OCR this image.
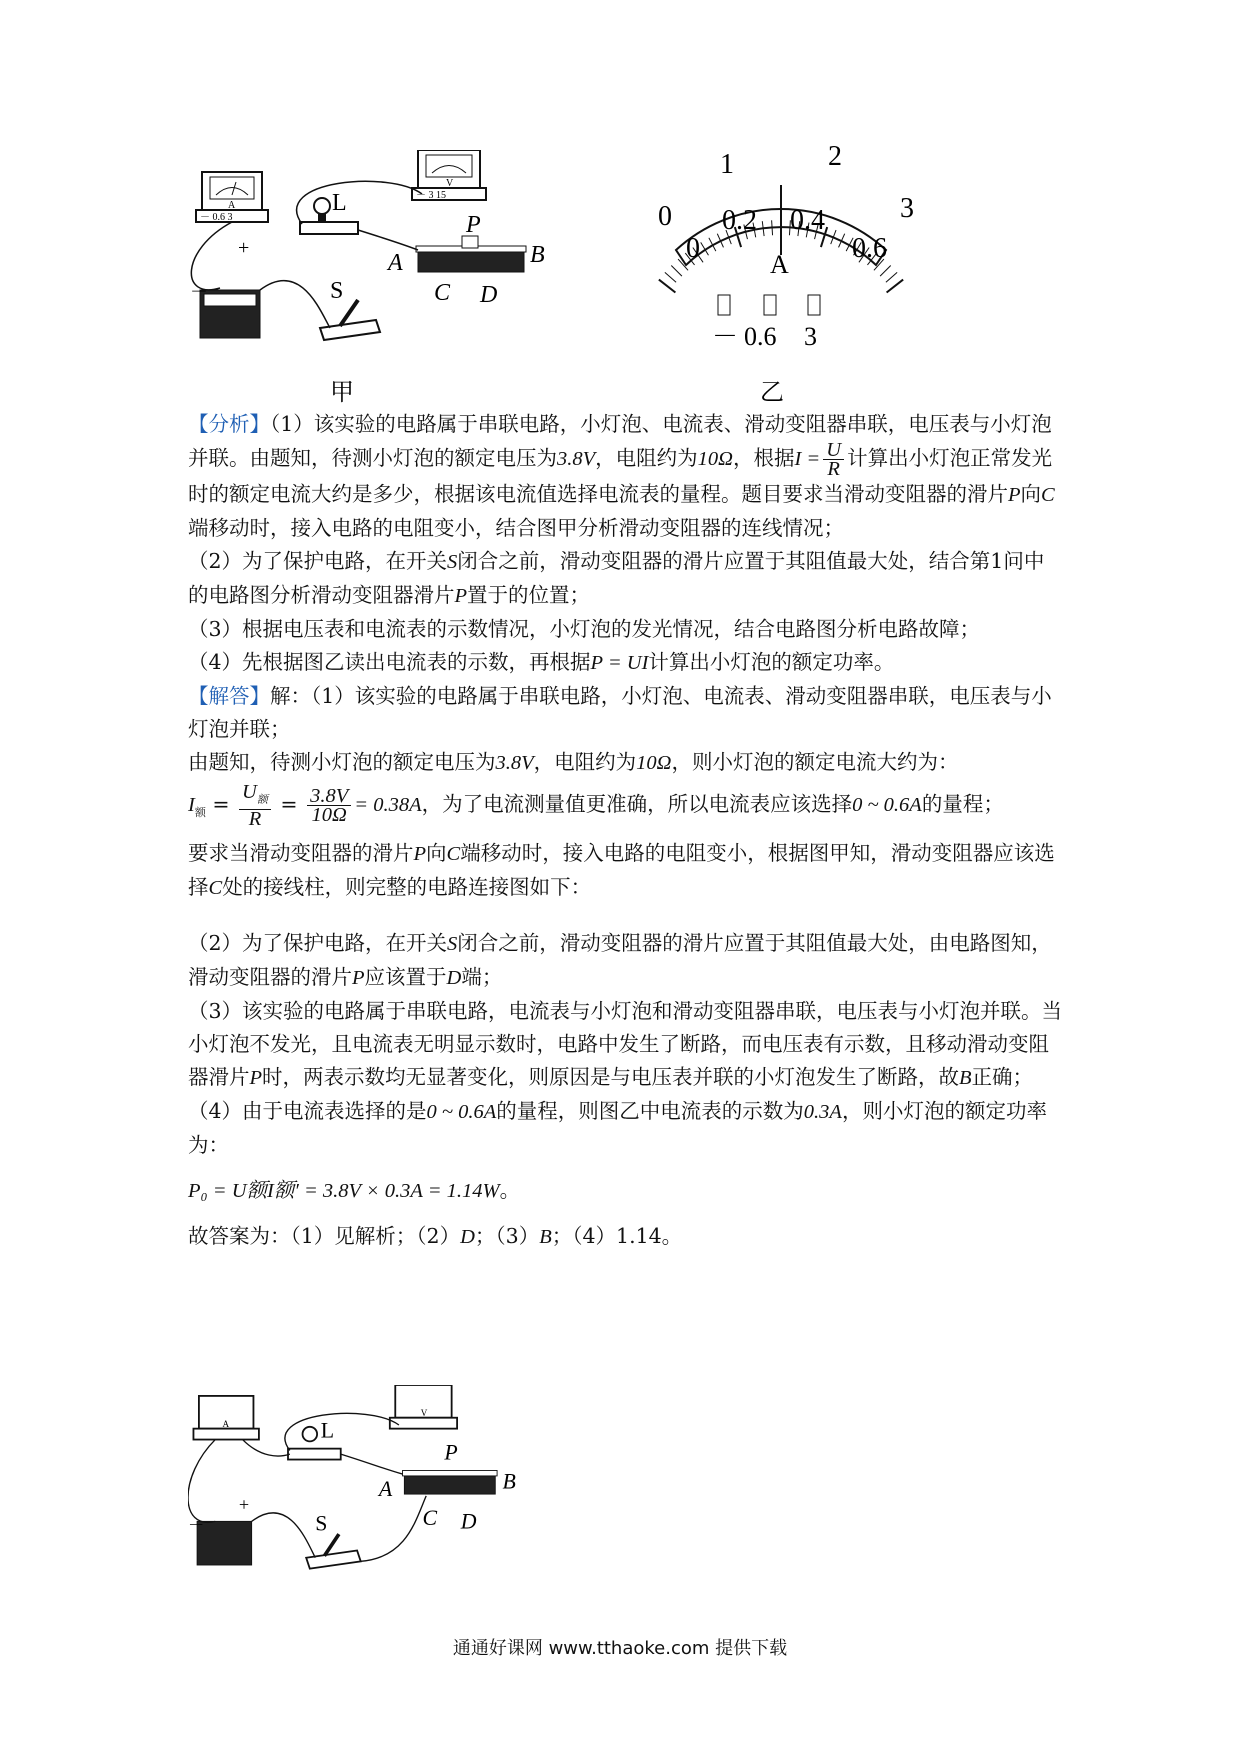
A
－ 0.6 3
V
－ 3 15
L
+
－	S
P
A	B
C D
甲
0
1	2
3
0
0.2 0.4
0.6
A
－ 0.6 3
乙

【分析】（1）该实验的电路属于串联电路，小灯泡、电流表、滑动变阻器串联，电压表与小灯泡并联。由题知，待测小灯泡的额定电压为3.8V，电阻约为10Ω，根据$I = \frac{U}{R}$ 计算出小灯泡正常发光时的额定电流大约是多少，根据该电流值选择电流表的量程。题目要求当滑动变阻器的滑片P向C端移动时，接入电路的电阻变小，结合图甲分析滑动变阻器的连线情况；

（2）为了保护电路，在开关S闭合之前，滑动变阻器的滑片应置于其阻值最大处，结合第1问中的电路图分析滑动变阻器滑片P置于的位置；

（3）根据电压表和电流表的示数情况，小灯泡的发光情况，结合电路图分析电路故障；

（4）先根据图乙读出电流表的示数，再根据P = UI计算出小灯泡的额定功率。

【解答】解：（1）该实验的电路属于串联电路，小灯泡、电流表、滑动变阻器串联，电压表与小灯泡并联；

由题知，待测小灯泡的额定电压为3.8V，电阻约为10Ω，则小灯泡的额定电流大约为：

$I_额 = \frac{U_额}{R} = \frac{3.8V}{10\Omega} = 0.38A$，为了电流测量值更准确，所以电流表应该选择0 ~ 0.6A的量程；

要求当滑动变阻器的滑片P向C端移动时，接入电路的电阻变小，根据图甲知，滑动变阻器应该选择C处的接线柱，则完整的电路连接图如下：

（2）为了保护电路，在开关S闭合之前，滑动变阻器的滑片应置于其阻值最大处，由电路图知，滑动变阻器的滑片P应该置于D端；

（3）该实验的电路属于串联电路，电流表与小灯泡和滑动变阻器串联，电压表与小灯泡并联。当小灯泡不发光，且电流表无明显示数时，电路中发生了断路，而电压表有示数，且移动滑动变阻器滑片P时，两表示数均无显著变化，则原因是与电压表并联的小灯泡发生了断路，故B正确；

（4）由于电流表选择的是0 ~ 0.6A的量程，则图乙中电流表的示数为0.3A，则小灯泡的额定功率为：

P₀ = U额I额′ = 3.8V × 0.3A = 1.14W。

故答案为：（1）见解析；（2）D；（3）B；（4）1.14。

A
V
L
+
－	S
P
A	B
C D
通通好课网 www.tthaoke.com 提供下载
